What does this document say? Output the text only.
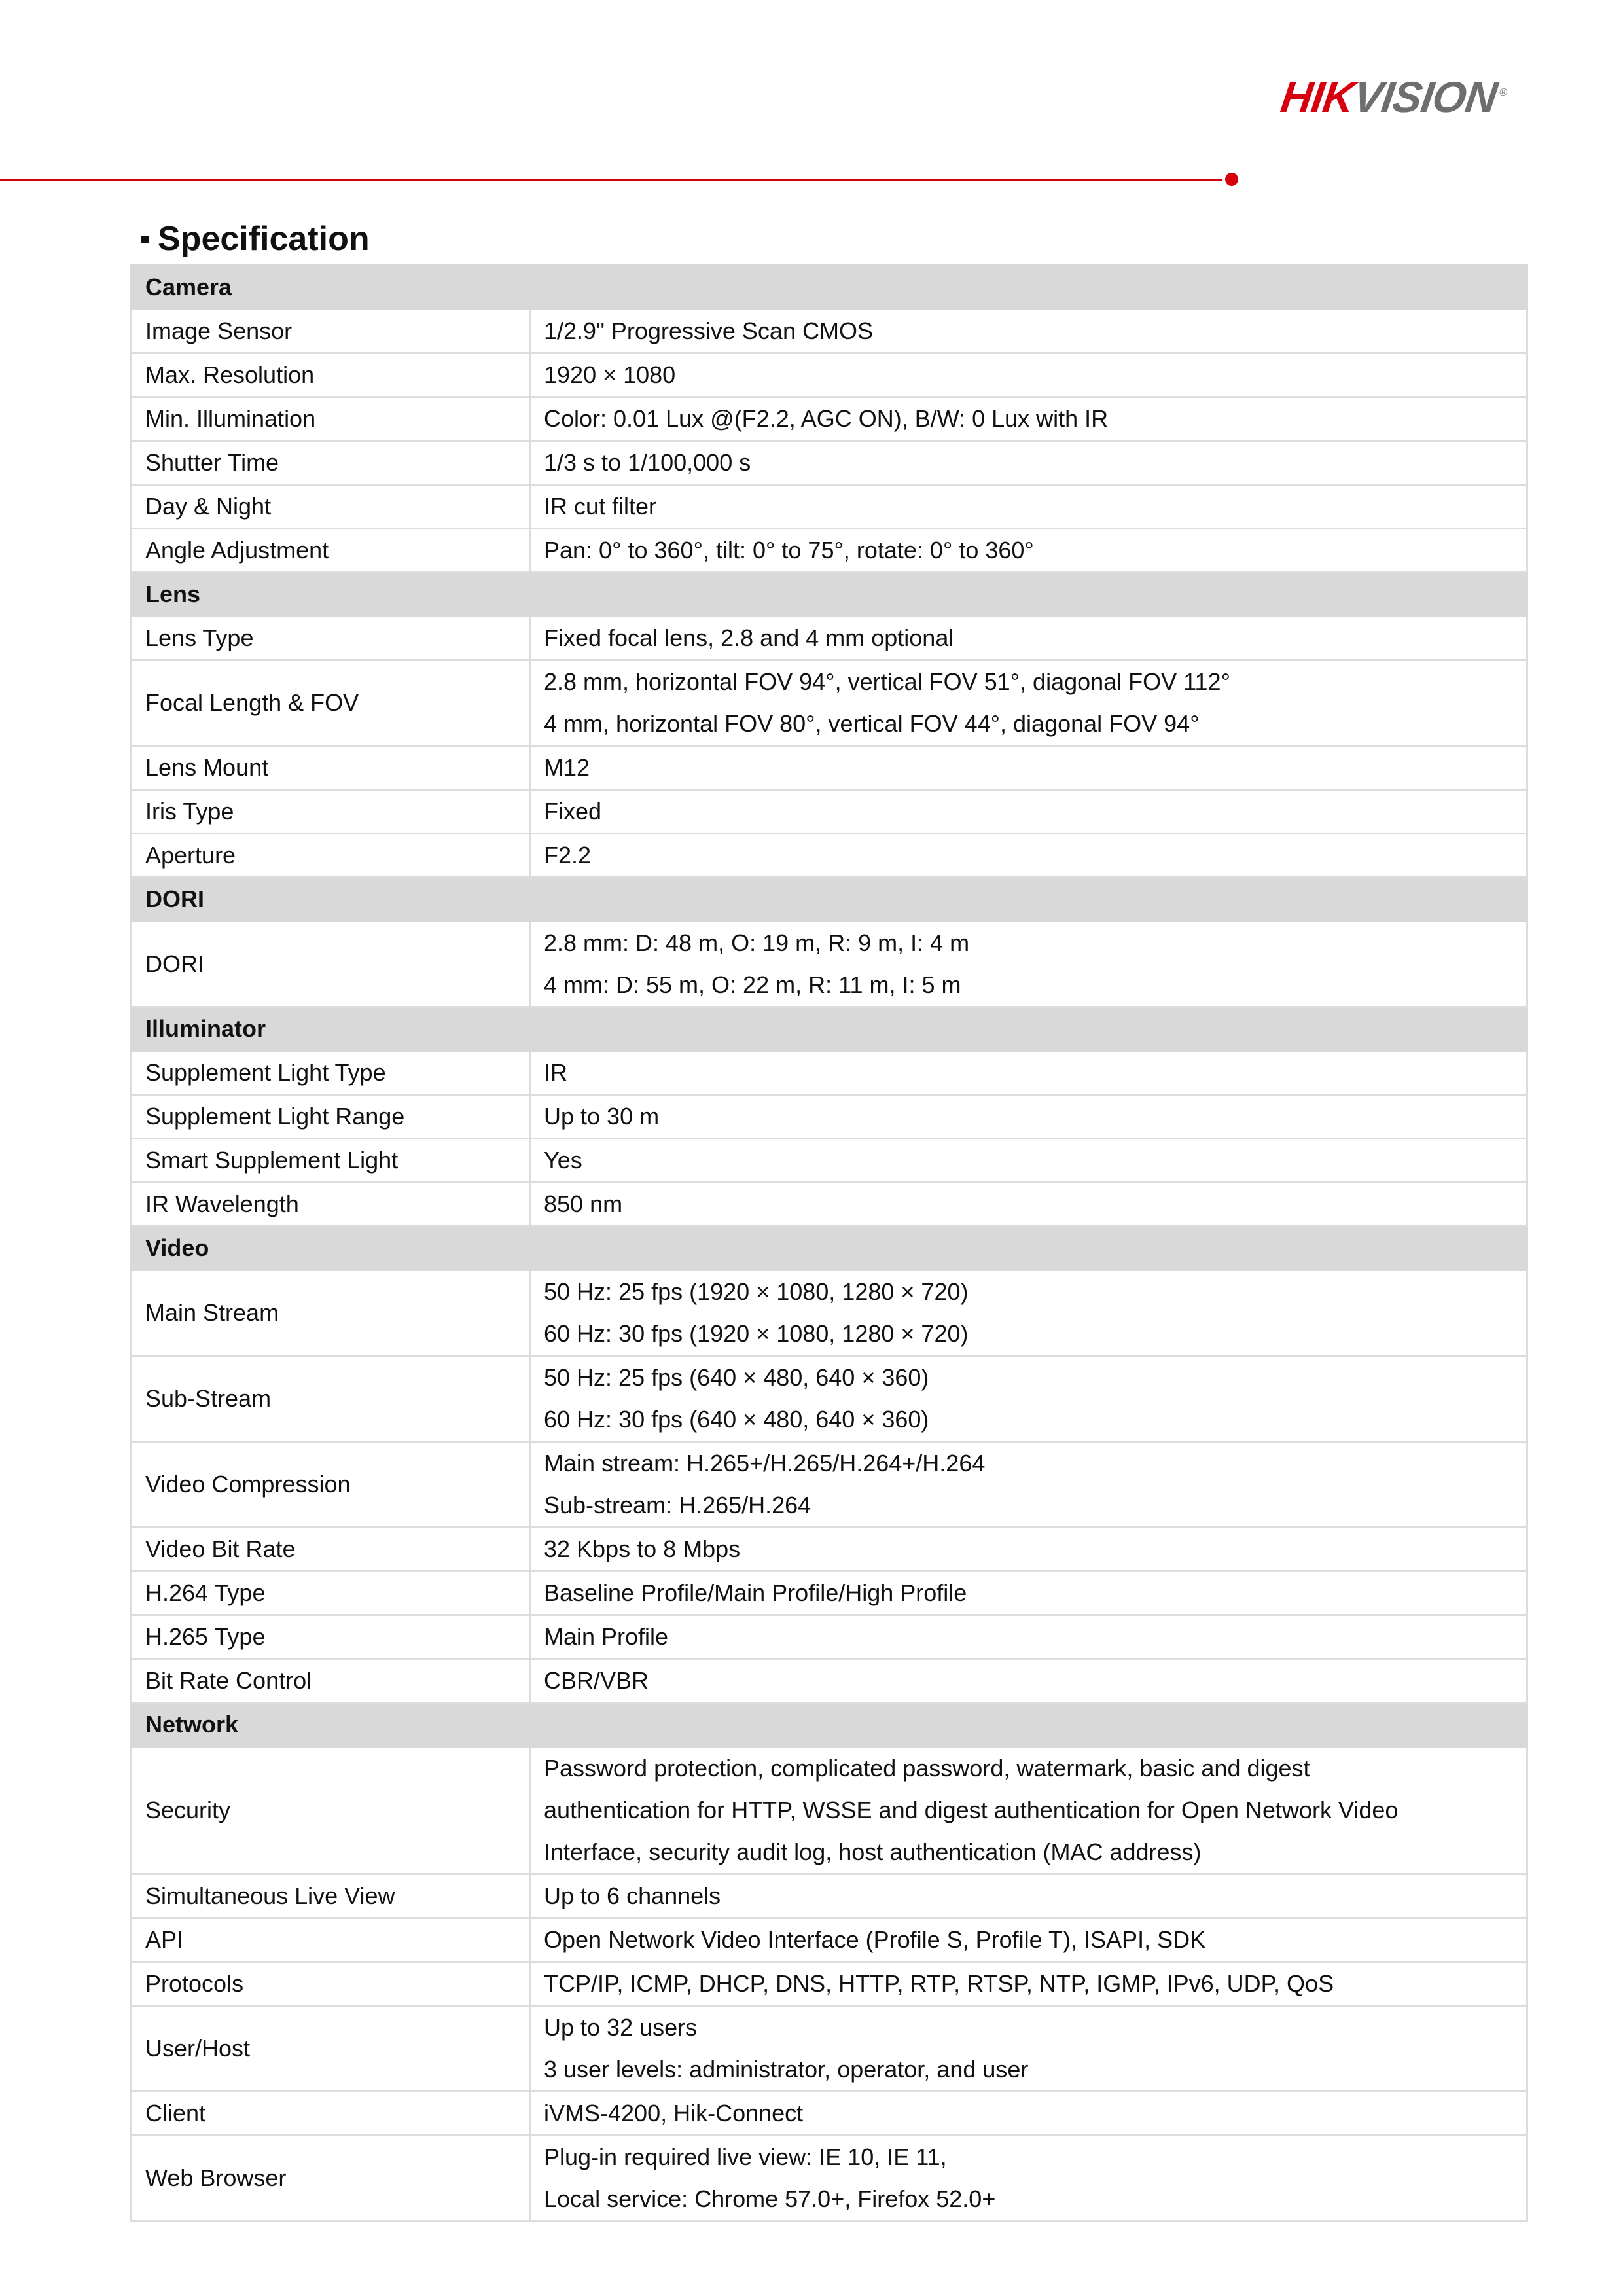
HIKVISION®
Specification
Camera	
Image Sensor	1/2.9" Progressive Scan CMOS

Max. Resolution	1920 × 1080

Min. Illumination	Color: 0.01 Lux @(F2.2, AGC ON), B/W: 0 Lux with IR

Shutter Time	1/3 s to 1/100,000 s

Day & Night	IR cut filter

Angle Adjustment	Pan: 0° to 360°, tilt: 0° to 75°, rotate: 0° to 360°

Lens	
Lens Type	Fixed focal lens, 2.8 and 4 mm optional

Focal Length & FOV	2.8 mm, horizontal FOV 94°, vertical FOV 51°, diagonal FOV 112°
4 mm, horizontal FOV 80°, vertical FOV 44°, diagonal FOV 94°

Lens Mount	M12

Iris Type	Fixed

Aperture	F2.2

DORI	
DORI	2.8 mm: D: 48 m, O: 19 m, R: 9 m, I: 4 m
4 mm: D: 55 m, O: 22 m, R: 11 m, I: 5 m

Illuminator	
Supplement Light Type	IR

Supplement Light Range	Up to 30 m

Smart Supplement Light	Yes

IR Wavelength	850 nm

Video	
Main Stream	50 Hz: 25 fps (1920 × 1080, 1280 × 720)
60 Hz: 30 fps (1920 × 1080, 1280 × 720)

Sub-Stream	50 Hz: 25 fps (640 × 480, 640 × 360)
60 Hz: 30 fps (640 × 480, 640 × 360)

Video Compression	Main stream: H.265+/H.265/H.264+/H.264
Sub-stream: H.265/H.264

Video Bit Rate	32 Kbps to 8 Mbps

H.264 Type	Baseline Profile/Main Profile/High Profile

H.265 Type	Main Profile

Bit Rate Control	CBR/VBR

Network	
Security	Password protection, complicated password, watermark, basic and digest
authentication for HTTP, WSSE and digest authentication for Open Network Video
Interface, security audit log, host authentication (MAC address)

Simultaneous Live View	Up to 6 channels

API	Open Network Video Interface (Profile S, Profile T), ISAPI, SDK

Protocols	TCP/IP, ICMP, DHCP, DNS, HTTP, RTP, RTSP, NTP, IGMP, IPv6, UDP, QoS

User/Host	Up to 32 users
3 user levels: administrator, operator, and user

Client	iVMS-4200, Hik-Connect

Web Browser	Plug-in required live view: IE 10, IE 11,
Local service: Chrome 57.0+, Firefox 52.0+
